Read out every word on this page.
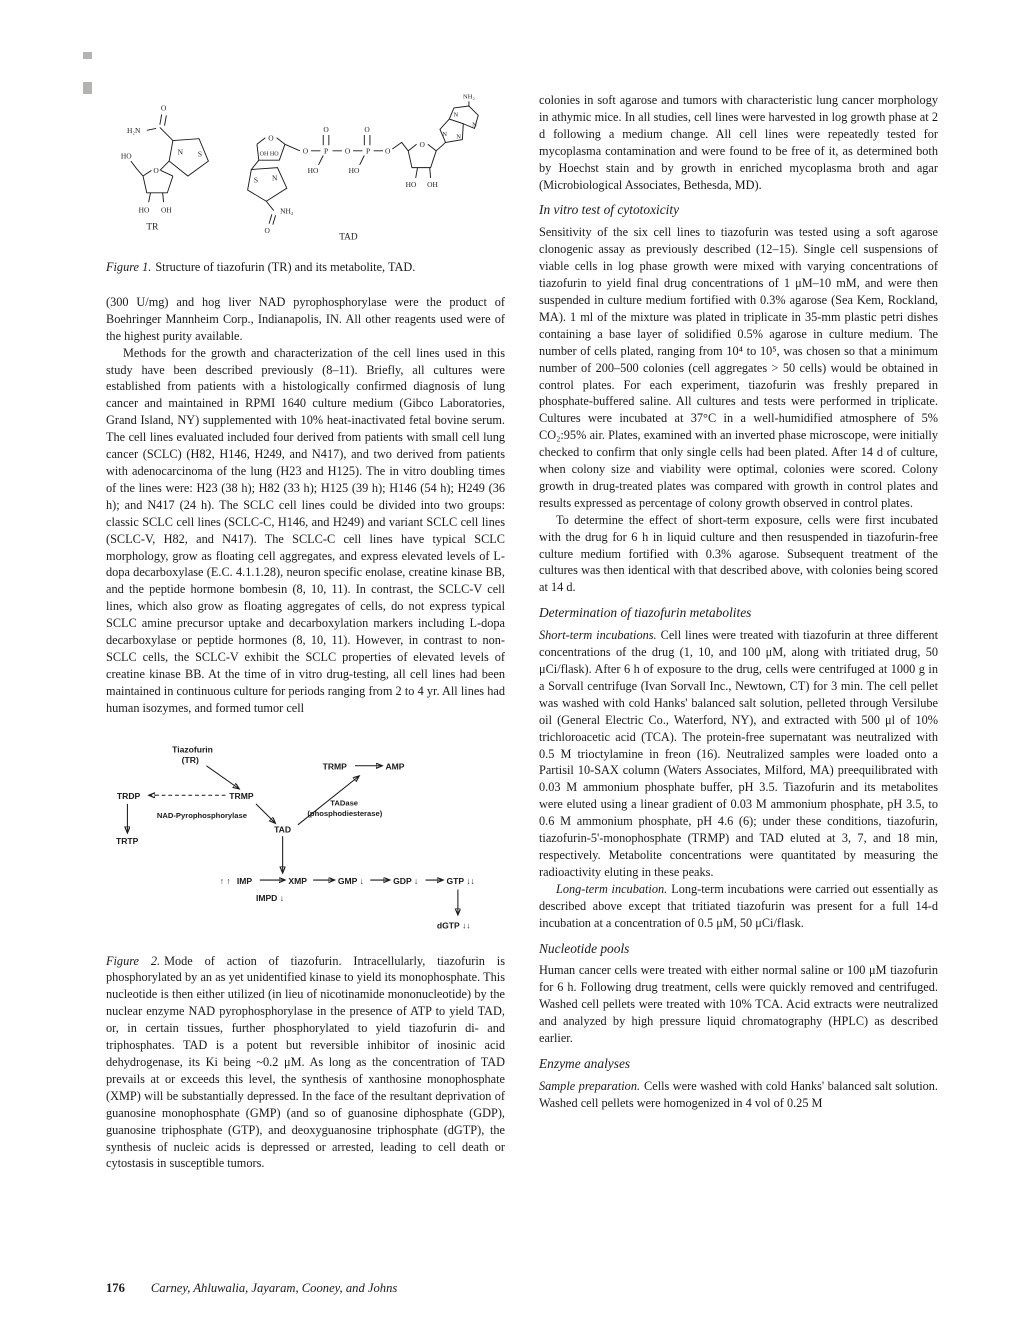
O
H₂N
HO	N S
O
HO OH
TR
O
OH HO
N
S
NH₂
O
O P O P O
O	O
HO	HO
O
HO OH
NH₂
N
N
N N
TAD
Figure 1. Structure of tiazofurin (TR) and its metabolite, TAD.

(300 U/mg) and hog liver NAD pyrophosphorylase were the product of Boehringer Mannheim Corp., Indianapolis, IN. All other reagents used were of the highest purity available.

Methods for the growth and characterization of the cell lines used in this study have been described previously (8–11). Briefly, all cultures were established from patients with a histologically confirmed diagnosis of lung cancer and maintained in RPMI 1640 culture medium (Gibco Laboratories, Grand Island, NY) supplemented with 10% heat-inactivated fetal bovine serum. The cell lines evaluated included four derived from patients with small cell lung cancer (SCLC) (H82, H146, H249, and N417), and two derived from patients with adenocarcinoma of the lung (H23 and H125). The in vitro doubling times of the lines were: H23 (38 h); H82 (33 h); H125 (39 h); H146 (54 h); H249 (36 h); and N417 (24 h). The SCLC cell lines could be divided into two groups: classic SCLC cell lines (SCLC-C, H146, and H249) and variant SCLC cell lines (SCLC-V, H82, and N417). The SCLC-C cell lines have typical SCLC morphology, grow as floating cell aggregates, and express elevated levels of L-dopa decarboxylase (E.C. 4.1.1.28), neuron specific enolase, creatine kinase BB, and the peptide hormone bombesin (8, 10, 11). In contrast, the SCLC-V cell lines, which also grow as floating aggregates of cells, do not express typical SCLC amine precursor uptake and decarboxylation markers including L-dopa decarboxylase or peptide hormones (8, 10, 11). However, in contrast to non-SCLC cells, the SCLC-V exhibit the SCLC properties of elevated levels of creatine kinase BB. At the time of in vitro drug-testing, all cell lines had been maintained in continuous culture for periods ranging from 2 to 4 yr. All lines had human isozymes, and formed tumor cell

Tiazofurin
(TR)
TRMP	AMP
TRDP	TRMP
TADase
(phosphodiesterase)
NAD-Pyrophosphorylase
TRTP
TAD
↑ ↑ IMP	XMP	GMP ↓	GDP ↓	GTP ↓↓
IMPD ↓
dGTP ↓↓
Figure 2. Mode of action of tiazofurin. Intracellularly, tiazofurin is phosphorylated by an as yet unidentified kinase to yield its monophosphate. This nucleotide is then either utilized (in lieu of nicotinamide mononucleotide) by the nuclear enzyme NAD pyrophosphorylase in the presence of ATP to yield TAD, or, in certain tissues, further phosphorylated to yield tiazofurin di- and triphosphates. TAD is a potent but reversible inhibitor of inosinic acid dehydrogenase, its Ki being ~0.2 μM. As long as the concentration of TAD prevails at or exceeds this level, the synthesis of xanthosine monophosphate (XMP) will be substantially depressed. In the face of the resultant deprivation of guanosine monophosphate (GMP) (and so of guanosine diphosphate (GDP), guanosine triphosphate (GTP), and deoxyguanosine triphosphate (dGTP), the synthesis of nucleic acids is depressed or arrested, leading to cell death or cytostasis in susceptible tumors.

colonies in soft agarose and tumors with characteristic lung cancer morphology in athymic mice. In all studies, cell lines were harvested in log growth phase at 2 d following a medium change. All cell lines were repeatedly tested for mycoplasma contamination and were found to be free of it, as determined both by Hoechst stain and by growth in enriched mycoplasma broth and agar (Microbiological Associates, Bethesda, MD).

In vitro test of cytotoxicity

Sensitivity of the six cell lines to tiazofurin was tested using a soft agarose clonogenic assay as previously described (12–15). Single cell suspensions of viable cells in log phase growth were mixed with varying concentrations of tiazofurin to yield final drug concentrations of 1 μM–10 mM, and were then suspended in culture medium fortified with 0.3% agarose (Sea Kem, Rockland, MA). 1 ml of the mixture was plated in triplicate in 35-mm plastic petri dishes containing a base layer of solidified 0.5% agarose in culture medium. The number of cells plated, ranging from 10⁴ to 10⁵, was chosen so that a minimum number of 200–500 colonies (cell aggregates > 50 cells) would be obtained in control plates. For each experiment, tiazofurin was freshly prepared in phosphate-buffered saline. All cultures and tests were performed in triplicate. Cultures were incubated at 37°C in a well-humidified atmosphere of 5% CO₂:95% air. Plates, examined with an inverted phase microscope, were initially checked to confirm that only single cells had been plated. After 14 d of culture, when colony size and viability were optimal, colonies were scored. Colony growth in drug-treated plates was compared with growth in control plates and results expressed as percentage of colony growth observed in control plates.

To determine the effect of short-term exposure, cells were first incubated with the drug for 6 h in liquid culture and then resuspended in tiazofurin-free culture medium fortified with 0.3% agarose. Subsequent treatment of the cultures was then identical with that described above, with colonies being scored at 14 d.

Determination of tiazofurin metabolites

Short-term incubations. Cell lines were treated with tiazofurin at three different concentrations of the drug (1, 10, and 100 μM, along with tritiated drug, 50 μCi/flask). After 6 h of exposure to the drug, cells were centrifuged at 1000 g in a Sorvall centrifuge (Ivan Sorvall Inc., Newtown, CT) for 3 min. The cell pellet was washed with cold Hanks' balanced salt solution, pelleted through Versilube oil (General Electric Co., Waterford, NY), and extracted with 500 μl of 10% trichloroacetic acid (TCA). The protein-free supernatant was neutralized with 0.5 M trioctylamine in freon (16). Neutralized samples were loaded onto a Partisil 10-SAX column (Waters Associates, Milford, MA) preequilibrated with 0.03 M ammonium phosphate buffer, pH 3.5. Tiazofurin and its metabolites were eluted using a linear gradient of 0.03 M ammonium phosphate, pH 3.5, to 0.6 M ammonium phosphate, pH 4.6 (6); under these conditions, tiazofurin, tiazofurin-5'-monophosphate (TRMP) and TAD eluted at 3, 7, and 18 min, respectively. Metabolite concentrations were quantitated by measuring the radioactivity eluting in these peaks.

Long-term incubation. Long-term incubations were carried out essentially as described above except that tritiated tiazofurin was present for a full 14-d incubation at a concentration of 0.5 μM, 50 μCi/flask.

Nucleotide pools

Human cancer cells were treated with either normal saline or 100 μM tiazofurin for 6 h. Following drug treatment, cells were quickly removed and centrifuged. Washed cell pellets were treated with 10% TCA. Acid extracts were neutralized and analyzed by high pressure liquid chromatography (HPLC) as described earlier.

Enzyme analyses

Sample preparation. Cells were washed with cold Hanks' balanced salt solution. Washed cell pellets were homogenized in 4 vol of 0.25 M

176 Carney, Ahluwalia, Jayaram, Cooney, and Johns
